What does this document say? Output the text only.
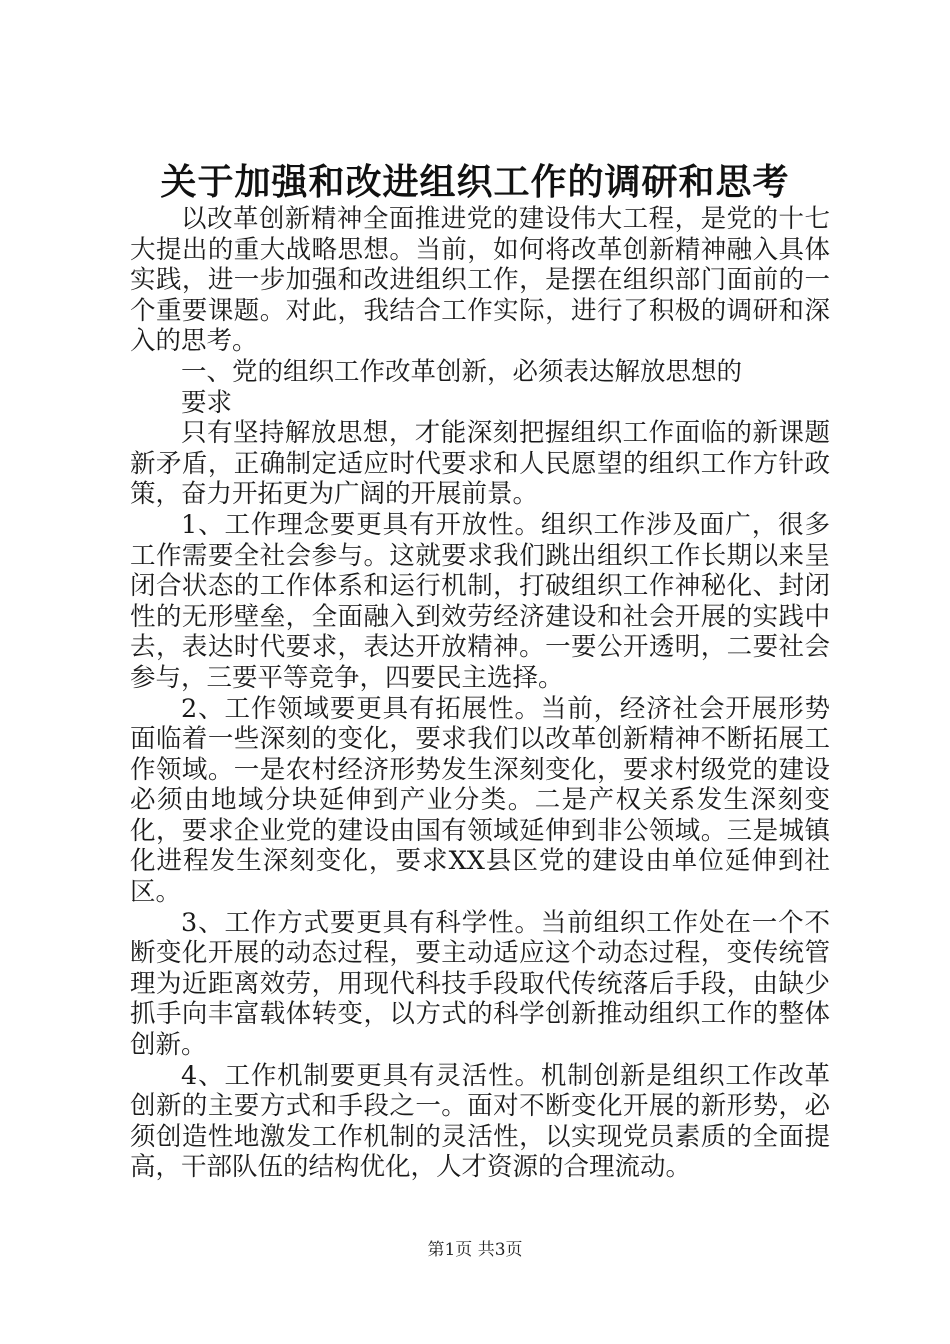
关于加强和改进组织工作的调研和思考

以改革创新精神全面推进党的建设伟大工程，是党的十七大提出的重大战略思想。当前，如何将改革创新精神融入具体实践，进一步加强和改进组织工作，是摆在组织部门面前的一个重要课题。对此，我结合工作实际，进行了积极的调研和深入的思考。

一、党的组织工作改革创新，必须表达解放思想的

要求

只有坚持解放思想，才能深刻把握组织工作面临的新课题新矛盾，正确制定适应时代要求和人民愿望的组织工作方针政策，奋力开拓更为广阔的开展前景。

1、工作理念要更具有开放性。组织工作涉及面广，很多工作需要全社会参与。这就要求我们跳出组织工作长期以来呈闭合状态的工作体系和运行机制，打破组织工作神秘化、封闭性的无形壁垒，全面融入到效劳经济建设和社会开展的实践中去，表达时代要求，表达开放精神。一要公开透明，二要社会参与，三要平等竞争，四要民主选择。

2、工作领域要更具有拓展性。当前，经济社会开展形势面临着一些深刻的变化，要求我们以改革创新精神不断拓展工作领域。一是农村经济形势发生深刻变化，要求村级党的建设必须由地域分块延伸到产业分类。二是产权关系发生深刻变化，要求企业党的建设由国有领域延伸到非公领域。三是城镇化进程发生深刻变化，要求XX县区党的建设由单位延伸到社区。

3、工作方式要更具有科学性。当前组织工作处在一个不断变化开展的动态过程，要主动适应这个动态过程，变传统管理为近距离效劳，用现代科技手段取代传统落后手段，由缺少抓手向丰富载体转变，以方式的科学创新推动组织工作的整体创新。

4、工作机制要更具有灵活性。机制创新是组织工作改革创新的主要方式和手段之一。面对不断变化开展的新形势，必须创造性地激发工作机制的灵活性，以实现党员素质的全面提高，干部队伍的结构优化，人才资源的合理流动。

第1页 共3页
